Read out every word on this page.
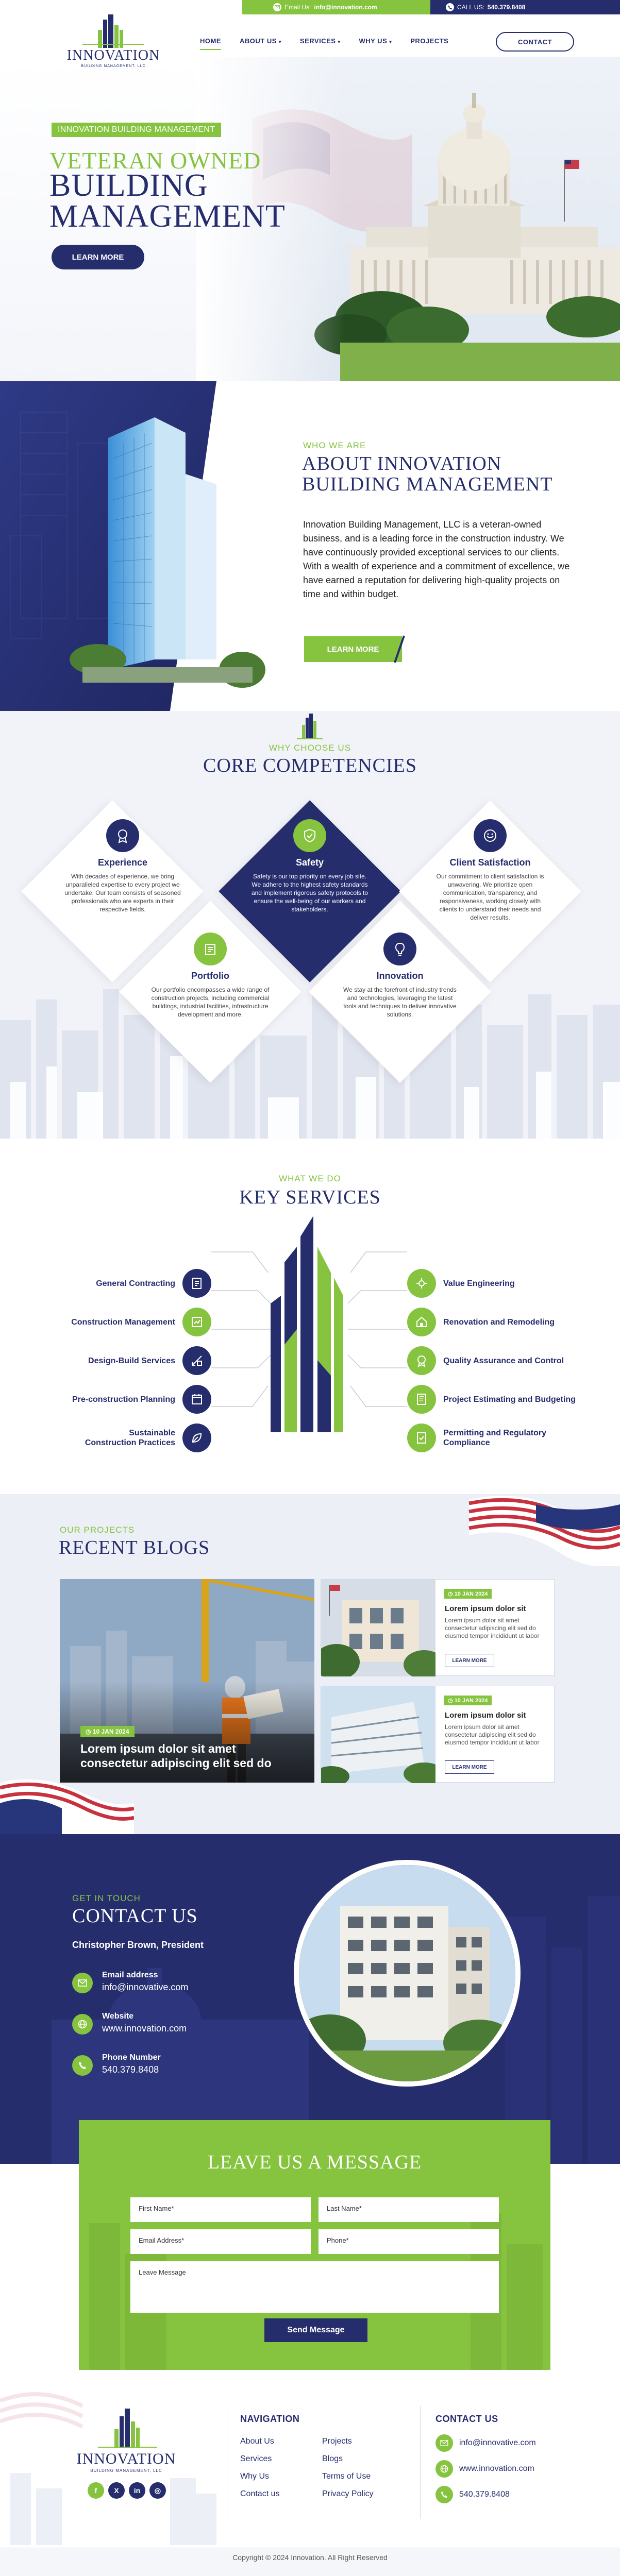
Email Us: info@innovation.com	CALL US: 540.379.8408
INNOVATION BUILDING MANAGEMENT
VETERAN OWNED
BUILDING
MANAGEMENT
LEARN MORE
INNOVATION
BUILDING MANAGEMENT, LLC
HOME	ABOUT US ▾	SERVICES ▾	WHY US ▾	PROJECTS	CONTACT
WHO WE ARE
ABOUT INNOVATION
BUILDING MANAGEMENT
Innovation Building Management, LLC is a veteran-owned business, and is a leading force in the construction industry. We have continuously provided exceptional services to our clients. With a wealth of experience and a commitment of excellence, we have earned a reputation for delivering high-quality projects on time and within budget.
LEARN MORE
WHY CHOOSE US
CORE COMPETENCIES
Experience
With decades of experience, we bring unparalleled expertise to every project we undertake. Our team consists of seasoned professionals who are experts in their respective fields.
Safety
Safety is our top priority on every job site. We adhere to the highest safety standards and implement rigorous safety protocols to ensure the well-being of our workers and stakeholders.
Client Satisfaction
Our commitment to client satisfaction is unwavering. We prioritize open communication, transparency, and responsiveness, working closely with clients to understand their needs and deliver results.
Portfolio
Our portfolio encompasses a wide range of construction projects, including commercial buildings, industrial facilities, infrastructure development and more.
Innovation
We stay at the forefront of industry trends and technologies, leveraging the latest tools and techniques to deliver innovative solutions.
WHAT WE DO
KEY SERVICES
General Contracting
Construction Management
Design-Build Services
Pre-construction Planning
Sustainable
Construction Practices
Value Engineering
Renovation and Remodeling
Quality Assurance and Control
Project Estimating and Budgeting
Permitting and Regulatory
Compliance
OUR PROJECTS
RECENT BLOGS
◷ 10 JAN 2024
Lorem ipsum dolor sit amet consectetur adipiscing elit sed do
◷ 10 JAN 2024
Lorem ipsum dolor sit
Lorem ipsum dolor sit amet consectetur adipiscing elit sed do eiusmod tempor incididunt ut labor
LEARN MORE
◷ 10 JAN 2024
Lorem ipsum dolor sit
Lorem ipsum dolor sit amet consectetur adipiscing elit sed do eiusmod tempor incididunt ut labor
LEARN MORE
GET IN TOUCH
CONTACT US
Christopher Brown, President
Email address
info@innovative.com
Website
www.innovation.com
Phone Number
540.379.8408
LEAVE US A MESSAGE
First Name*	Last Name*
Email Address*	Phone*
Leave Message
Send Message
INNOVATION
BUILDING MANAGEMENT, LLC
f	X	in	◎
NAVIGATION
About Us
Services
Why Us
Contact us
Projects
Blogs
Terms of Use
Privacy Policy
CONTACT US
info@innovative.com
www.innovation.com
540.379.8408
Copyright © 2024 Innovation. All Right Reserved
